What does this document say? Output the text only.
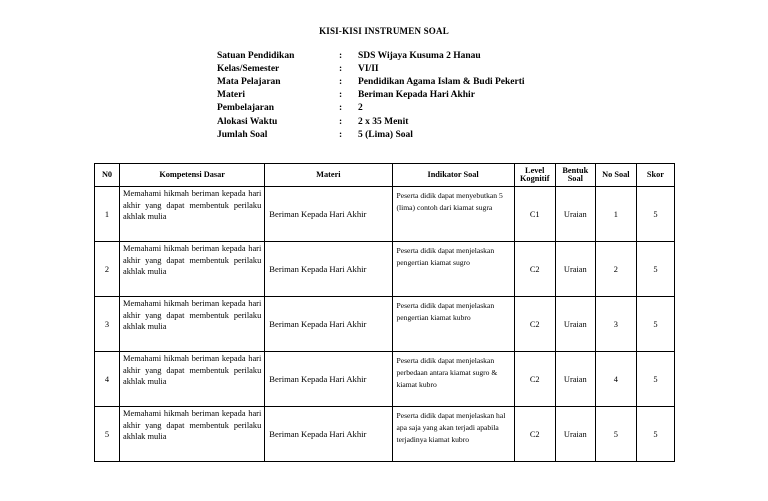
KISI-KISI INSTRUMEN SOAL
Satuan Pendidikan	:	SDS Wijaya Kusuma 2 Hanau
Kelas/Semester	:	VI/II
Mata Pelajaran	:	Pendidikan Agama Islam & Budi Pekerti
Materi	:	Beriman Kepada Hari Akhir
Pembelajaran	:	2
Alokasi Waktu	:	2 x 35 Menit
Jumlah Soal	:	5 (Lima) Soal
N0	Kompetensi Dasar	Materi	Indikator Soal	Level Kognitif	Bentuk Soal	No Soal	Skor
1	Memahami hikmah beriman kepada hari akhir yang dapat membentuk perilaku akhlak mulia	Beriman Kepada Hari Akhir	Peserta didik dapat menyebutkan 5 (lima) contoh dari kiamat sugra	C1	Uraian	1	5
2	Memahami hikmah beriman kepada hari akhir yang dapat membentuk perilaku akhlak mulia	Beriman Kepada Hari Akhir	Peserta didik dapat menjelaskan pengertian kiamat sugro	C2	Uraian	2	5
3	Memahami hikmah beriman kepada hari akhir yang dapat membentuk perilaku akhlak mulia	Beriman Kepada Hari Akhir	Peserta didik dapat menjelaskan pengertian kiamat kubro	C2	Uraian	3	5
4	Memahami hikmah beriman kepada hari akhir yang dapat membentuk perilaku akhlak mulia	Beriman Kepada Hari Akhir	Peserta didik dapat menjelaskan perbedaan antara kiamat sugro & kiamat kubro	C2	Uraian	4	5
5	Memahami hikmah beriman kepada hari akhir yang dapat membentuk perilaku akhlak mulia	Beriman Kepada Hari Akhir	Peserta didik dapat menjelaskan hal apa saja yang akan terjadi apabila terjadinya kiamat kubro	C2	Uraian	5	5
